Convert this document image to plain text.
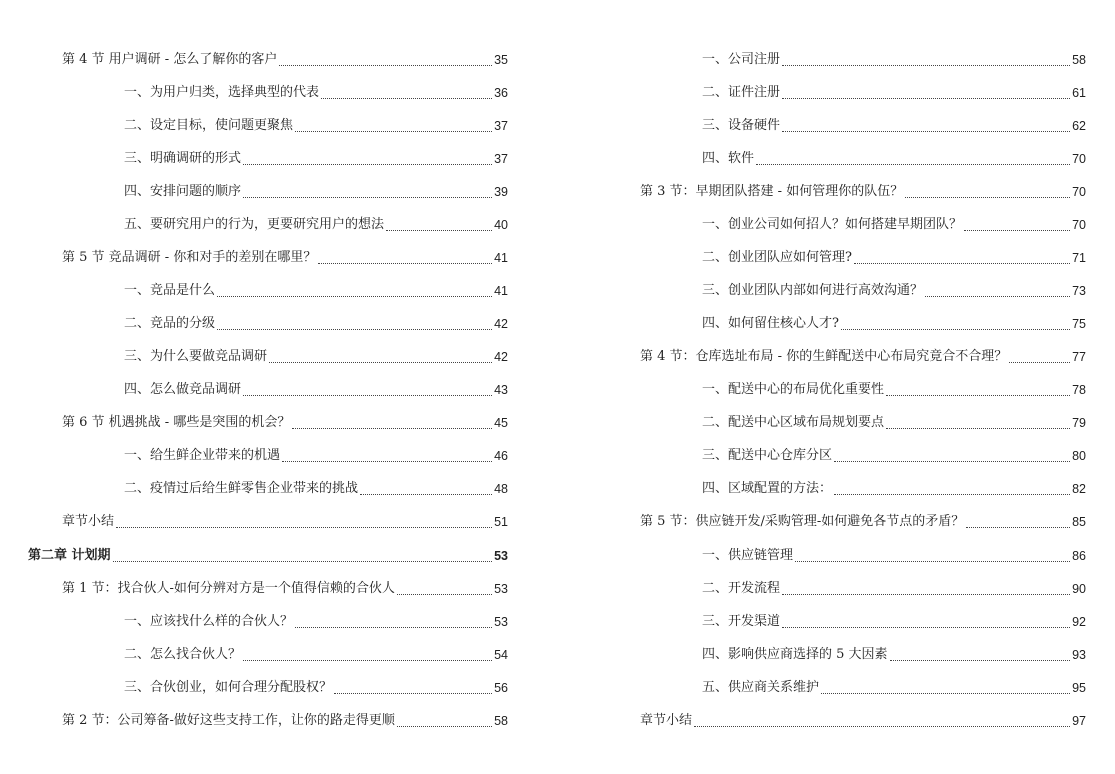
第 4 节 用户调研 - 怎么了解你的客户	35
一、为用户归类，选择典型的代表	36
二、设定目标，使问题更聚焦	37
三、明确调研的形式	37
四、安排问题的顺序	39
五、要研究用户的行为，更要研究用户的想法	40
第 5 节 竞品调研 - 你和对手的差别在哪里？	41
一、竞品是什么	41
二、竞品的分级	42
三、为什么要做竞品调研	42
四、怎么做竞品调研	43
第 6 节 机遇挑战 - 哪些是突围的机会？	45
一、给生鲜企业带来的机遇	46
二、疫情过后给生鲜零售企业带来的挑战	48
章节小结	51
第二章 计划期	53
第 1 节：找合伙人-如何分辨对方是一个值得信赖的合伙人	53
一、应该找什么样的合伙人？	53
二、怎么找合伙人？	54
三、合伙创业，如何合理分配股权？	56
第 2 节：公司筹备-做好这些支持工作，让你的路走得更顺	58
一、公司注册	58
二、证件注册	61
三、设备硬件	62
四、软件	70
第 3 节：早期团队搭建 - 如何管理你的队伍？	70
一、创业公司如何招人？如何搭建早期团队？	70
二、创业团队应如何管理?	71
三、创业团队内部如何进行高效沟通？	73
四、如何留住核心人才?	75
第 4 节：仓库选址布局 - 你的生鲜配送中心布局究竟合不合理？	77
一、配送中心的布局优化重要性	78
二、配送中心区域布局规划要点	79
三、配送中心仓库分区	80
四、区域配置的方法：	82
第 5 节：供应链开发/采购管理-如何避免各节点的矛盾？	85
一、供应链管理	86
二、开发流程	90
三、开发渠道	92
四、影响供应商选择的 5 大因素	93
五、供应商关系维护	95
章节小结	97
